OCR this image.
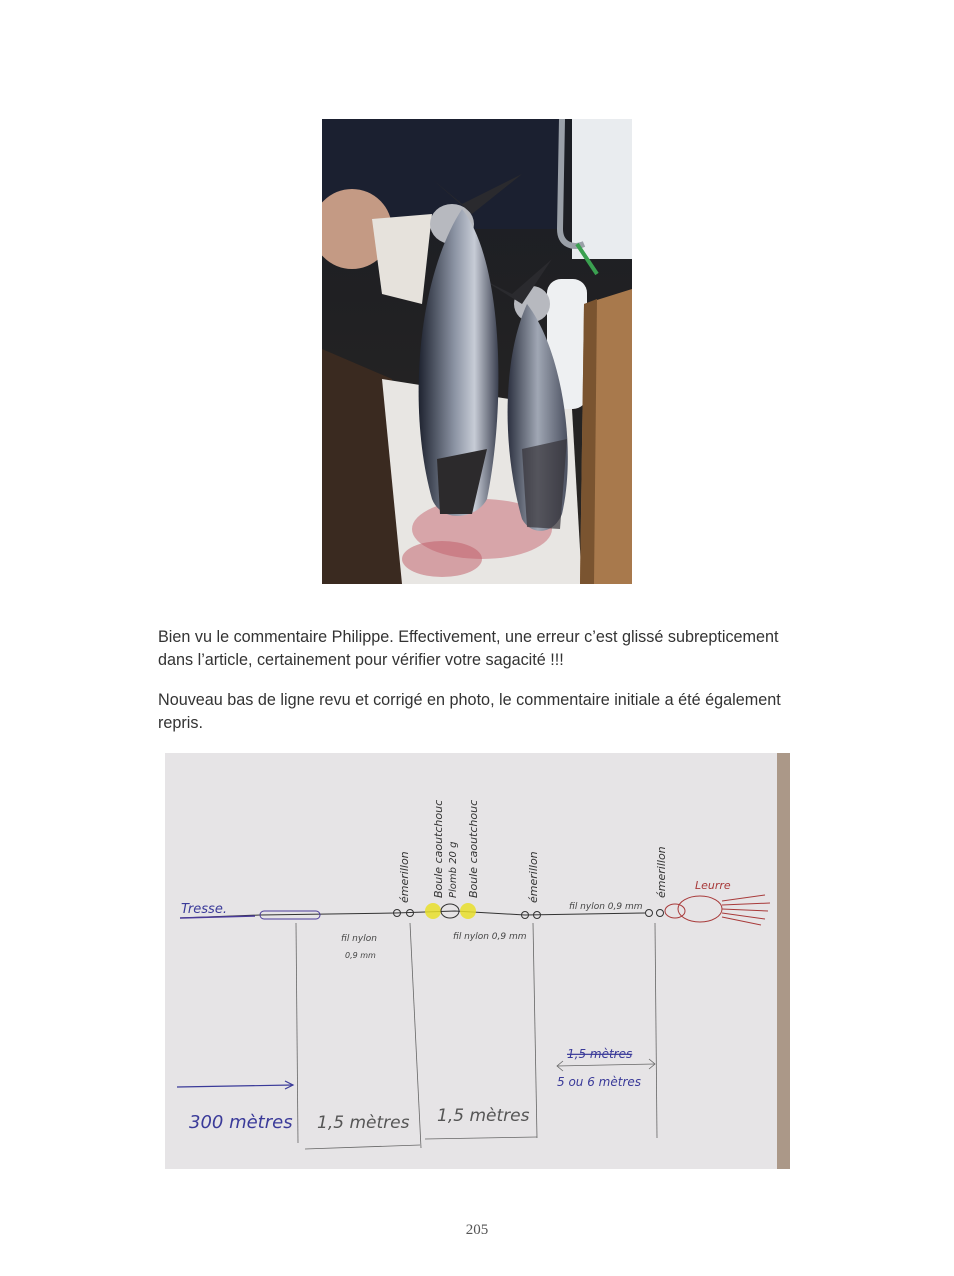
Bien vu le commentaire Philippe. Effectivement, une erreur c’est glissé subrepticement dans l’article, certainement pour vérifier votre sagacité !!!

Nouveau bas de ligne revu et corrigé en photo, le commentaire initiale a été également repris.

Tresse.
fil nylon
0,9 mm
émerillon Boule caoutchouc Plomb 20 g Boule caoutchouc
fil nylon 0,9 mm
émerillon
fil nylon 0,9 mm
émerillon Leurre
1,5 mètres
5 ou 6 mètres
300 mètres 1,5 mètres 1,5 mètres
205
